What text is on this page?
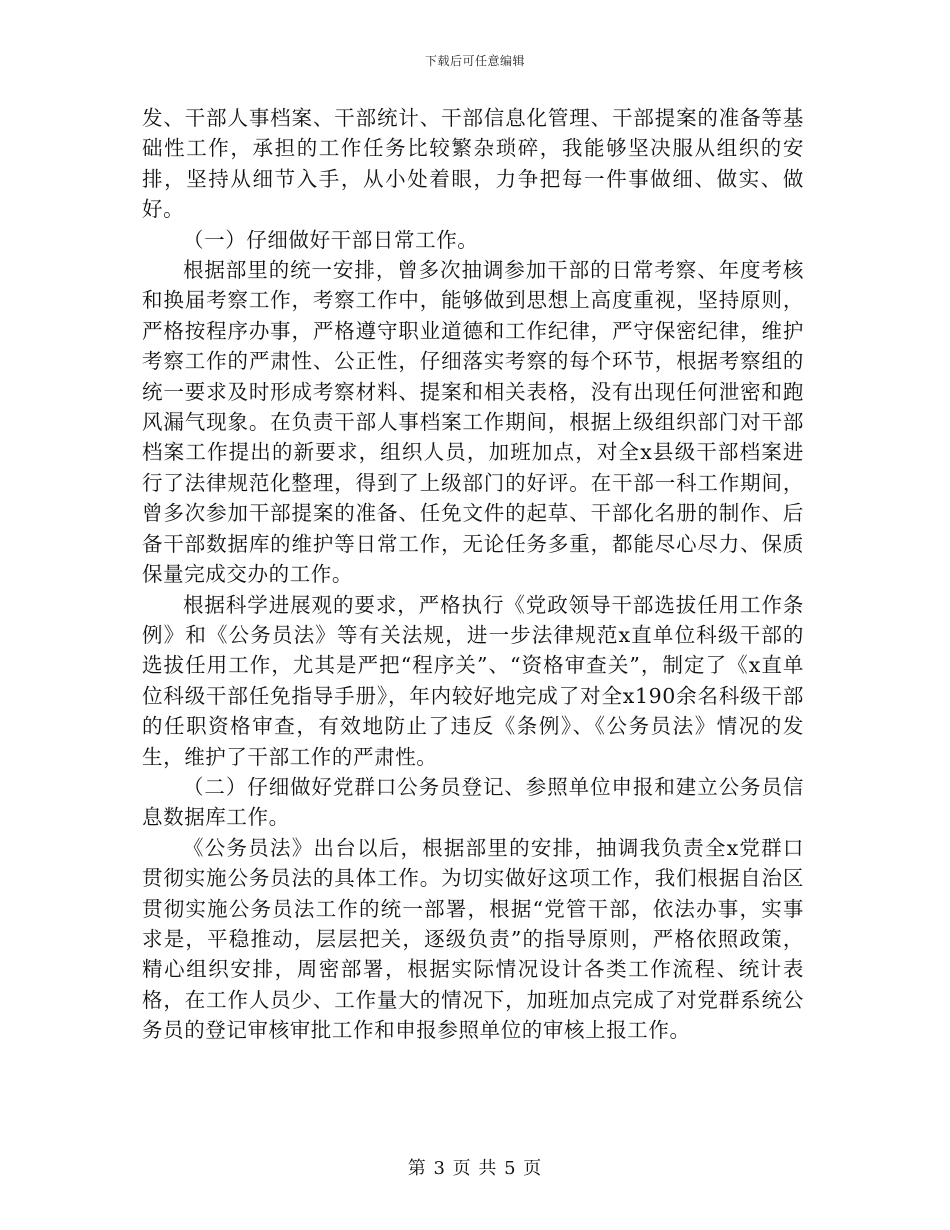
下载后可任意编辑

发、干部人事档案、干部统计、干部信息化管理、干部提案的准备等基础性工作，承担的工作任务比较繁杂琐碎，我能够坚决服从组织的安排，坚持从细节入手，从小处着眼，力争把每一件事做细、做实、做好。

（一）仔细做好干部日常工作。

根据部里的统一安排，曾多次抽调参加干部的日常考察、年度考核和换届考察工作，考察工作中，能够做到思想上高度重视，坚持原则，严格按程序办事，严格遵守职业道德和工作纪律，严守保密纪律，维护考察工作的严肃性、公正性，仔细落实考察的每个环节，根据考察组的统一要求及时形成考察材料、提案和相关表格，没有出现任何泄密和跑风漏气现象。在负责干部人事档案工作期间，根据上级组织部门对干部档案工作提出的新要求，组织人员，加班加点，对全x县级干部档案进行了法律规范化整理，得到了上级部门的好评。在干部一科工作期间，曾多次参加干部提案的准备、任免文件的起草、干部化名册的制作、后备干部数据库的维护等日常工作，无论任务多重，都能尽心尽力、保质保量完成交办的工作。

根据科学进展观的要求，严格执行《党政领导干部选拔任用工作条例》和《公务员法》等有关法规，进一步法律规范x直单位科级干部的选拔任用工作，尤其是严把“程序关”、“资格审查关”，制定了《x直单位科级干部任免指导手册》，年内较好地完成了对全x190余名科级干部的任职资格审查，有效地防止了违反《条例》、《公务员法》情况的发生，维护了干部工作的严肃性。

（二）仔细做好党群口公务员登记、参照单位申报和建立公务员信息数据库工作。

《公务员法》出台以后，根据部里的安排，抽调我负责全x党群口贯彻实施公务员法的具体工作。为切实做好这项工作，我们根据自治区贯彻实施公务员法工作的统一部署，根据“党管干部，依法办事，实事求是，平稳推动，层层把关，逐级负责”的指导原则，严格依照政策，精心组织安排，周密部署，根据实际情况设计各类工作流程、统计表格，在工作人员少、工作量大的情况下，加班加点完成了对党群系统公务员的登记审核审批工作和申报参照单位的审核上报工作。

第 3 页 共 5 页
